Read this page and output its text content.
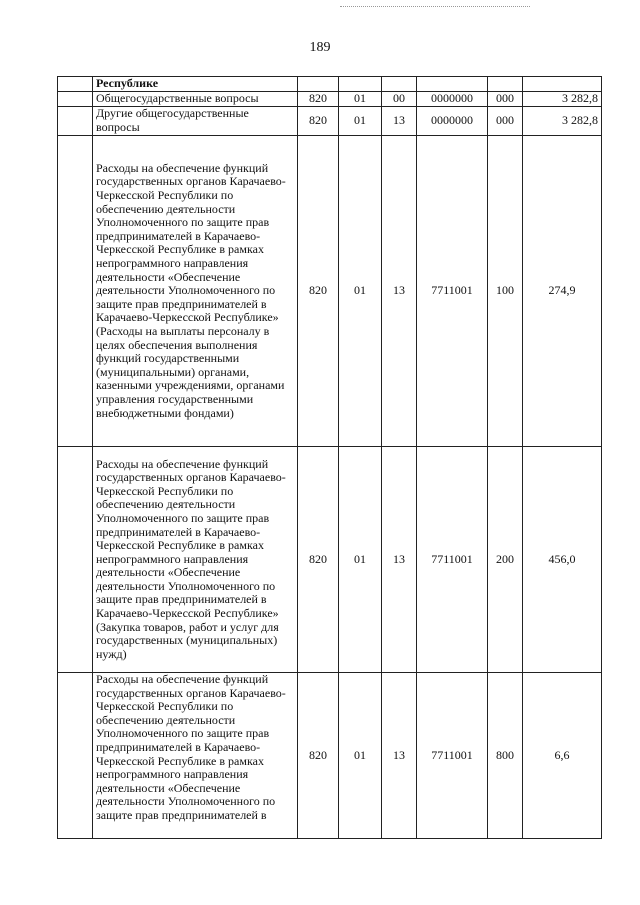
189
	Республике						
	Общегосударственные вопросы	820	01	00	0000000	000	3 282,8
	Другие общегосударственные вопросы	820	01	13	0000000	000	3 282,8
	Расходы на обеспечение функций государственных органов Карачаево-Черкесской Республики по обеспечению деятельности Уполномоченного по защите прав предпринимателей в Карачаево-Черкесской Республике в рамках непрограммного направления деятельности «Обеспечение деятельности Уполномоченного по защите прав предпринимателей в Карачаево-Черкесской Республике» (Расходы на выплаты персоналу в целях обеспечения выполнения функций государственными (муниципальными) органами, казенными учреждениями, органами управления государственными внебюджетными фондами)	820	01	13	7711001	100	274,9
	Расходы на обеспечение функций государственных органов Карачаево-Черкесской Республики по обеспечению деятельности Уполномоченного по защите прав предпринимателей в Карачаево-Черкесской Республике в рамках непрограммного направления деятельности «Обеспечение деятельности Уполномоченного по защите прав предпринимателей в Карачаево-Черкесской Республике» (Закупка товаров, работ и услуг для государственных (муниципальных) нужд)	820	01	13	7711001	200	456,0
	Расходы на обеспечение функций государственных органов Карачаево-Черкесской Республики по обеспечению деятельности Уполномоченного по защите прав предпринимателей в Карачаево-Черкесской Республике в рамках непрограммного направления деятельности «Обеспечение деятельности Уполномоченного по защите прав предпринимателей в	820	01	13	7711001	800	6,6
